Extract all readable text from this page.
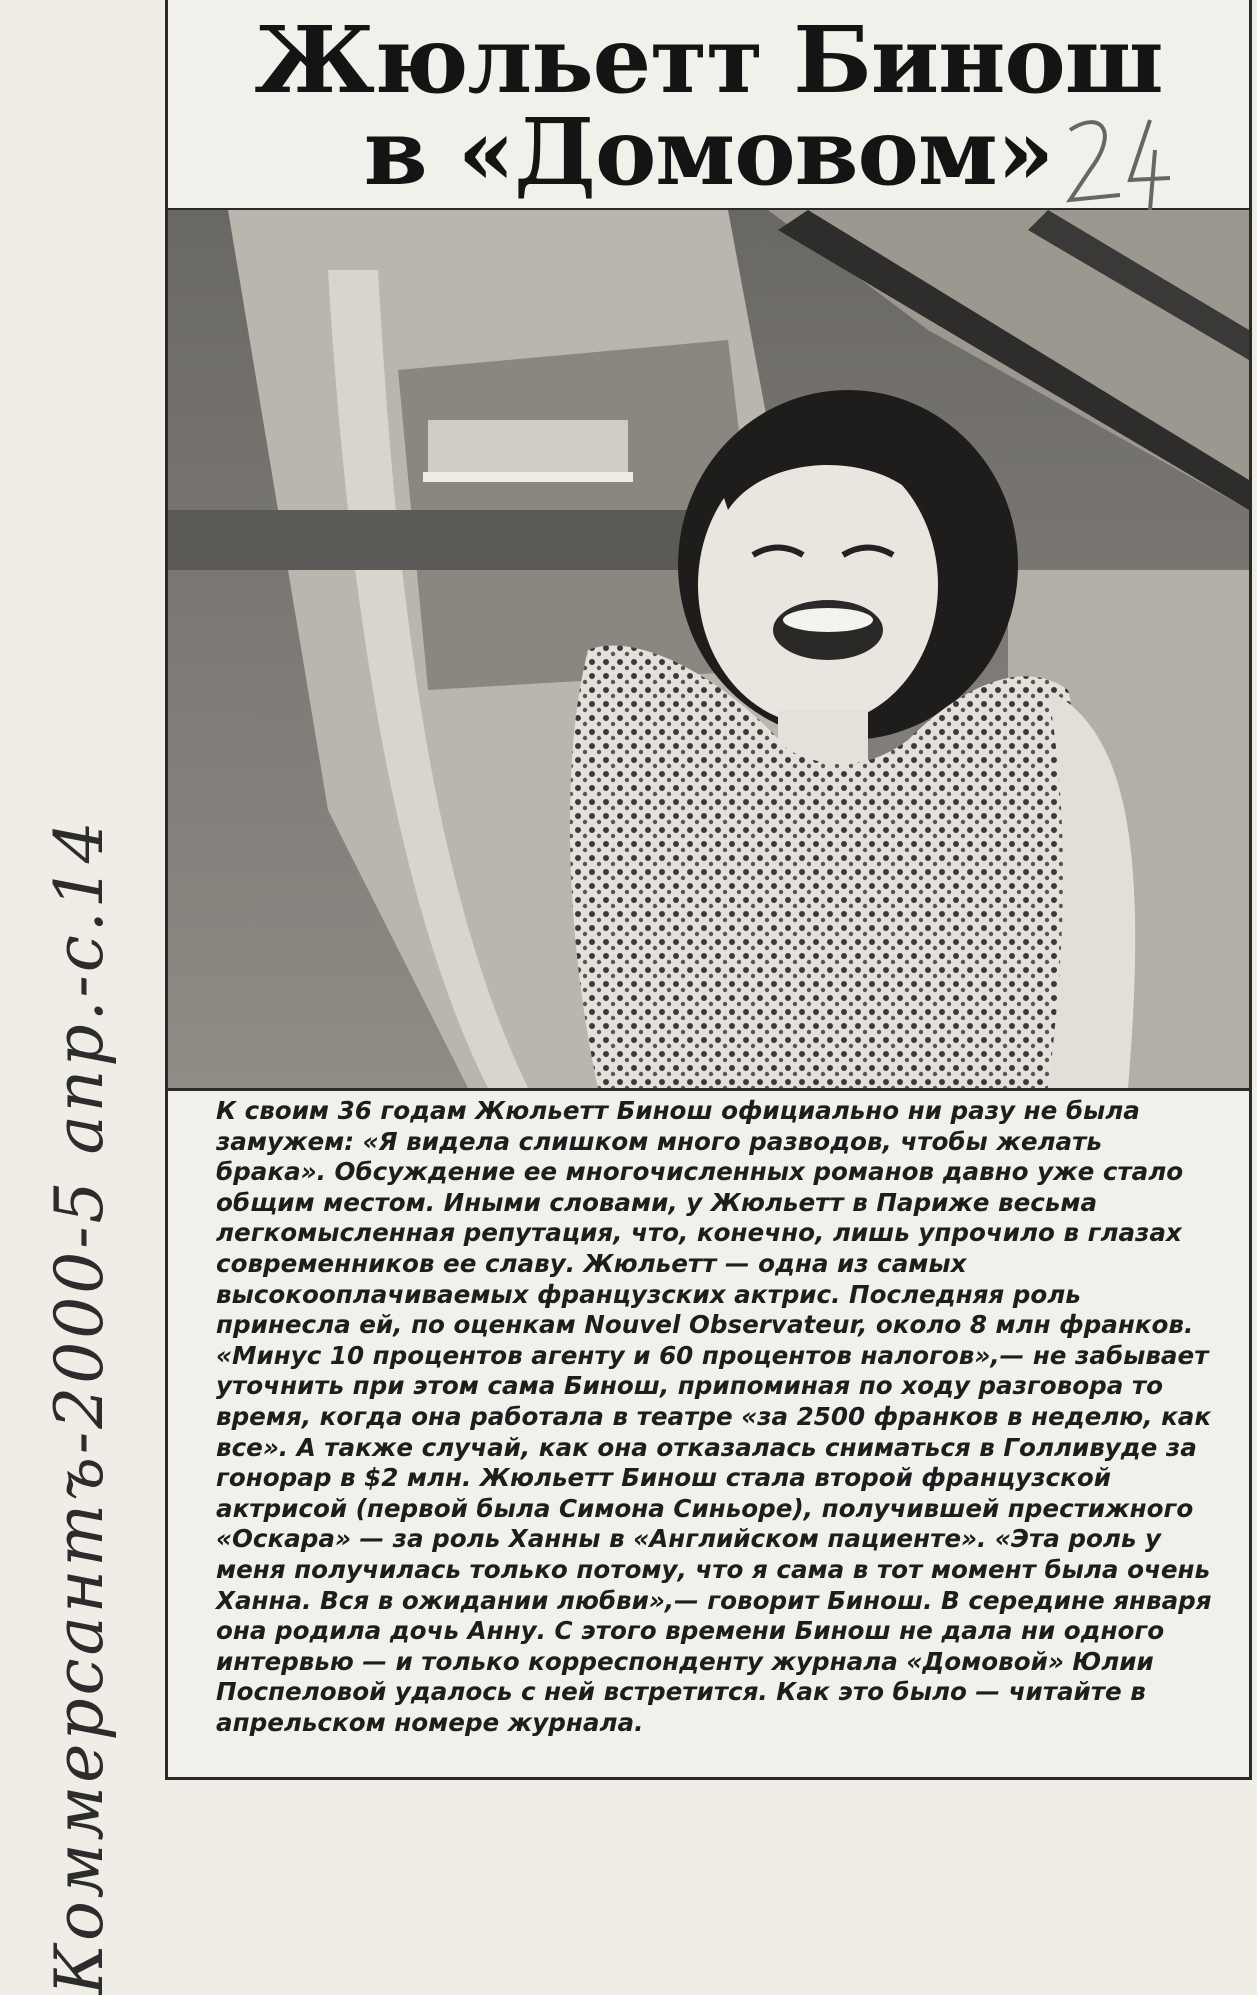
Коммерсантъ-2000-5 апр.-с.14
Жюльетт Бинош
в «Домовом»

К своим 36 годам Жюльетт Бинош официально ни разу не была замужем: «Я видела слишком много разводов, чтобы желать брака». Обсуждение ее многочисленных романов давно уже стало общим местом. Иными словами, у Жюльетт в Париже весьма легкомысленная репутация, что, конечно, лишь упрочило в глазах современников ее славу. Жюльетт — одна из самых высокооплачиваемых французских актрис. Последняя роль принесла ей, по оценкам Nouvel Observateur, около 8 млн франков. «Минус 10 процентов агенту и 60 процентов налогов»,— не забывает уточнить при этом сама Бинош, припоминая по ходу разговора то время, когда она работала в театре «за 2500 франков в неделю, как все». А также случай, как она отказалась сниматься в Голливуде за гонорар в $2 млн. Жюльетт Бинош стала второй французской актрисой (первой была Симона Синьоре), получившей престижного «Оскара» — за роль Ханны в «Английском пациенте». «Эта роль у меня получилась только потому, что я сама в тот момент была очень Ханна. Вся в ожидании любви»,— говорит Бинош. В середине января она родила дочь Анну. С этого времени Бинош не дала ни одного интервью — и только корреспонденту журнала «Домовой» Юлии Поспеловой удалось с ней встретится. Как это было — читайте в апрельском номере журнала.
